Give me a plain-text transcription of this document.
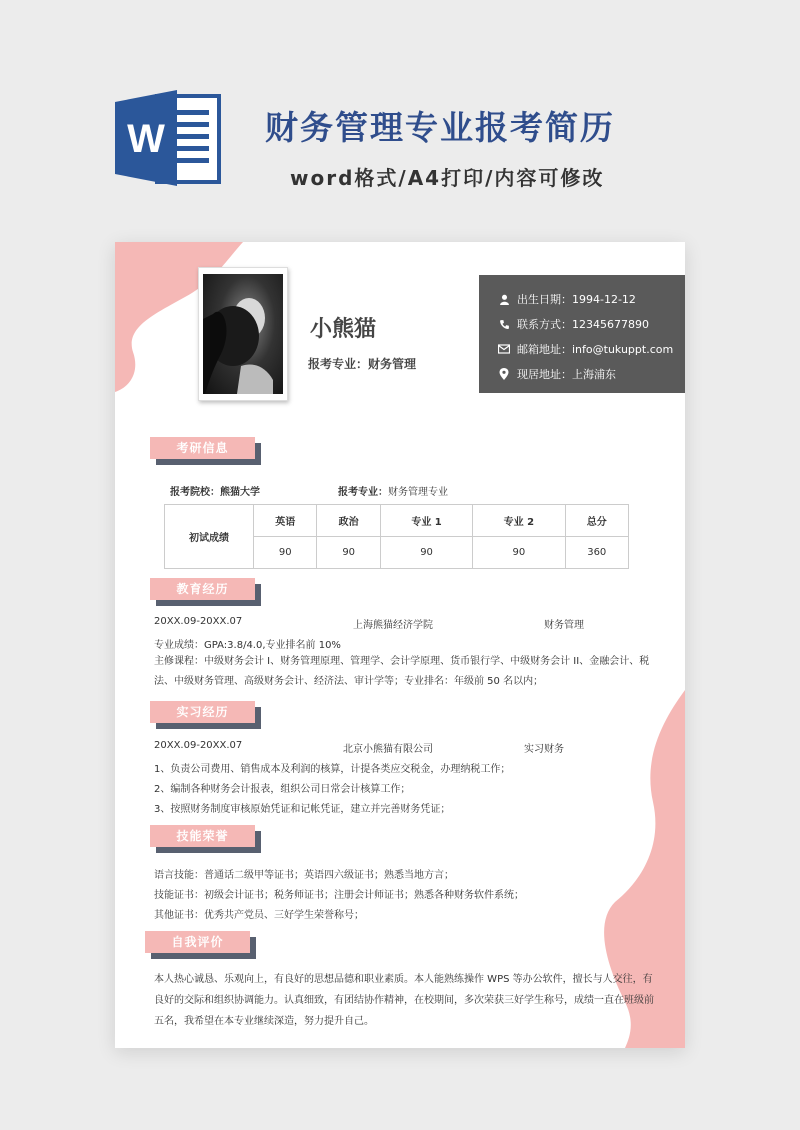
W	财务管理专业报考简历
word格式/A4打印/内容可修改
小熊猫
报考专业：财务管理
出生日期：1994-12-12
联系方式：12345677890
邮箱地址：info@tukuppt.com
现居地址：上海浦东
考研信息
报考院校：熊猫大学	报考专业：财务管理专业
初试成绩	英语	政治	专业 1	专业 2	总分
	90	90	90	90	360
教育经历
20XX.09-20XX.07	上海熊猫经济学院	财务管理
专业成绩：GPA:3.8/4.0,专业排名前 10%
主修课程：中级财务会计 I、财务管理原理、管理学、会计学原理、货币银行学、中级财务会计 II、金融会计、税法、中级财务管理、高级财务会计、经济法、审计学等；专业排名：年级前 50 名以内；
实习经历
20XX.09-20XX.07	北京小熊猫有限公司	实习财务
1、负责公司费用、销售成本及利润的核算，计提各类应交税金，办理纳税工作；
2、编制各种财务会计报表，组织公司日常会计核算工作；
3、按照财务制度审核原始凭证和记帐凭证，建立并完善财务凭证；
技能荣誉
语言技能：普通话二级甲等证书；英语四六级证书；熟悉当地方言；
技能证书：初级会计证书；税务师证书；注册会计师证书；熟悉各种财务软件系统；
其他证书：优秀共产党员、三好学生荣誉称号；
自我评价
本人热心诚恳、乐观向上，有良好的思想品德和职业素质。本人能熟练操作 WPS 等办公软件，擅长与人交往，有良好的交际和组织协调能力。认真细致，有团结协作精神，在校期间，多次荣获三好学生称号，成绩一直在班级前五名，我希望在本专业继续深造，努力提升自己。
